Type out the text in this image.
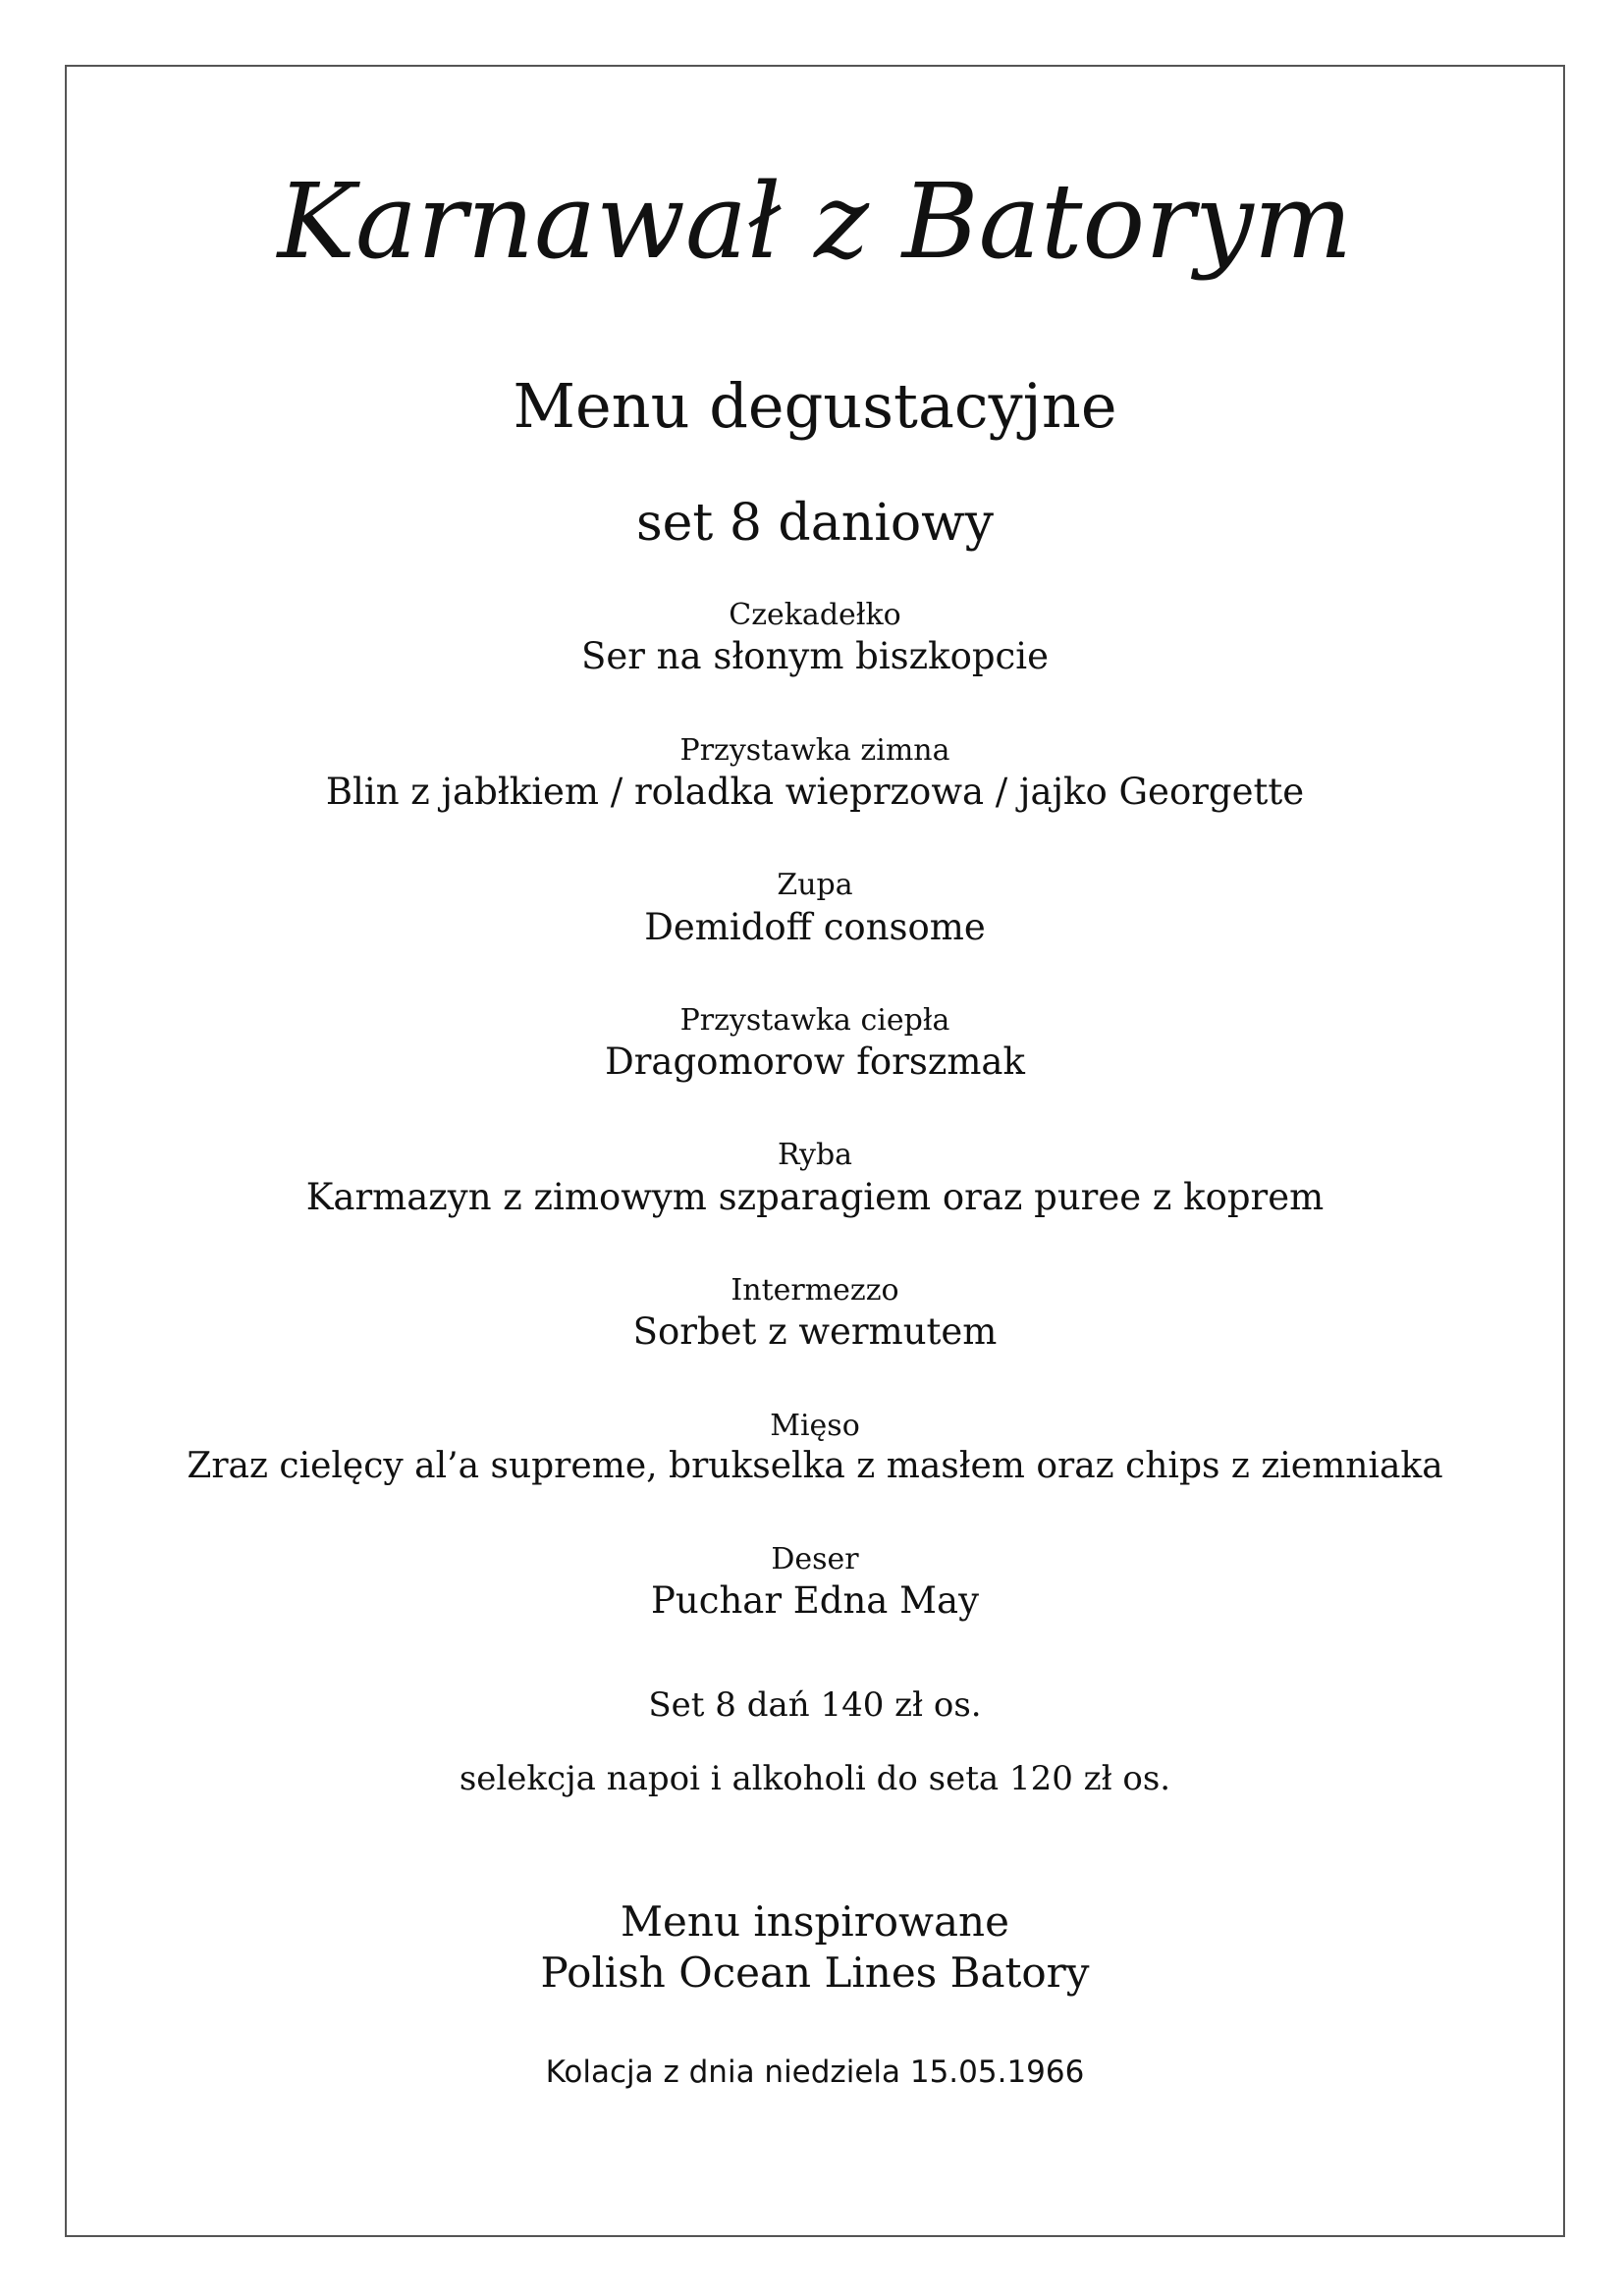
Karnawał z Batorym
Menu degustacyjne
set 8 daniowy
Czekadełko
Ser na słonym biszkopcie
Przystawka zimna
Blin z jabłkiem / roladka wieprzowa / jajko Georgette
Zupa
Demidoff consome
Przystawka ciepła
Dragomorow forszmak
Ryba
Karmazyn z zimowym szparagiem oraz puree z koprem
Intermezzo
Sorbet z wermutem
Mięso
Zraz cielęcy al’a supreme, brukselka z masłem oraz chips z ziemniaka
Deser
Puchar Edna May
Set 8 dań 140 zł os.
selekcja napoi i alkoholi do seta 120 zł os.
Menu inspirowane
Polish Ocean Lines Batory
Kolacja z dnia niedziela 15.05.1966
